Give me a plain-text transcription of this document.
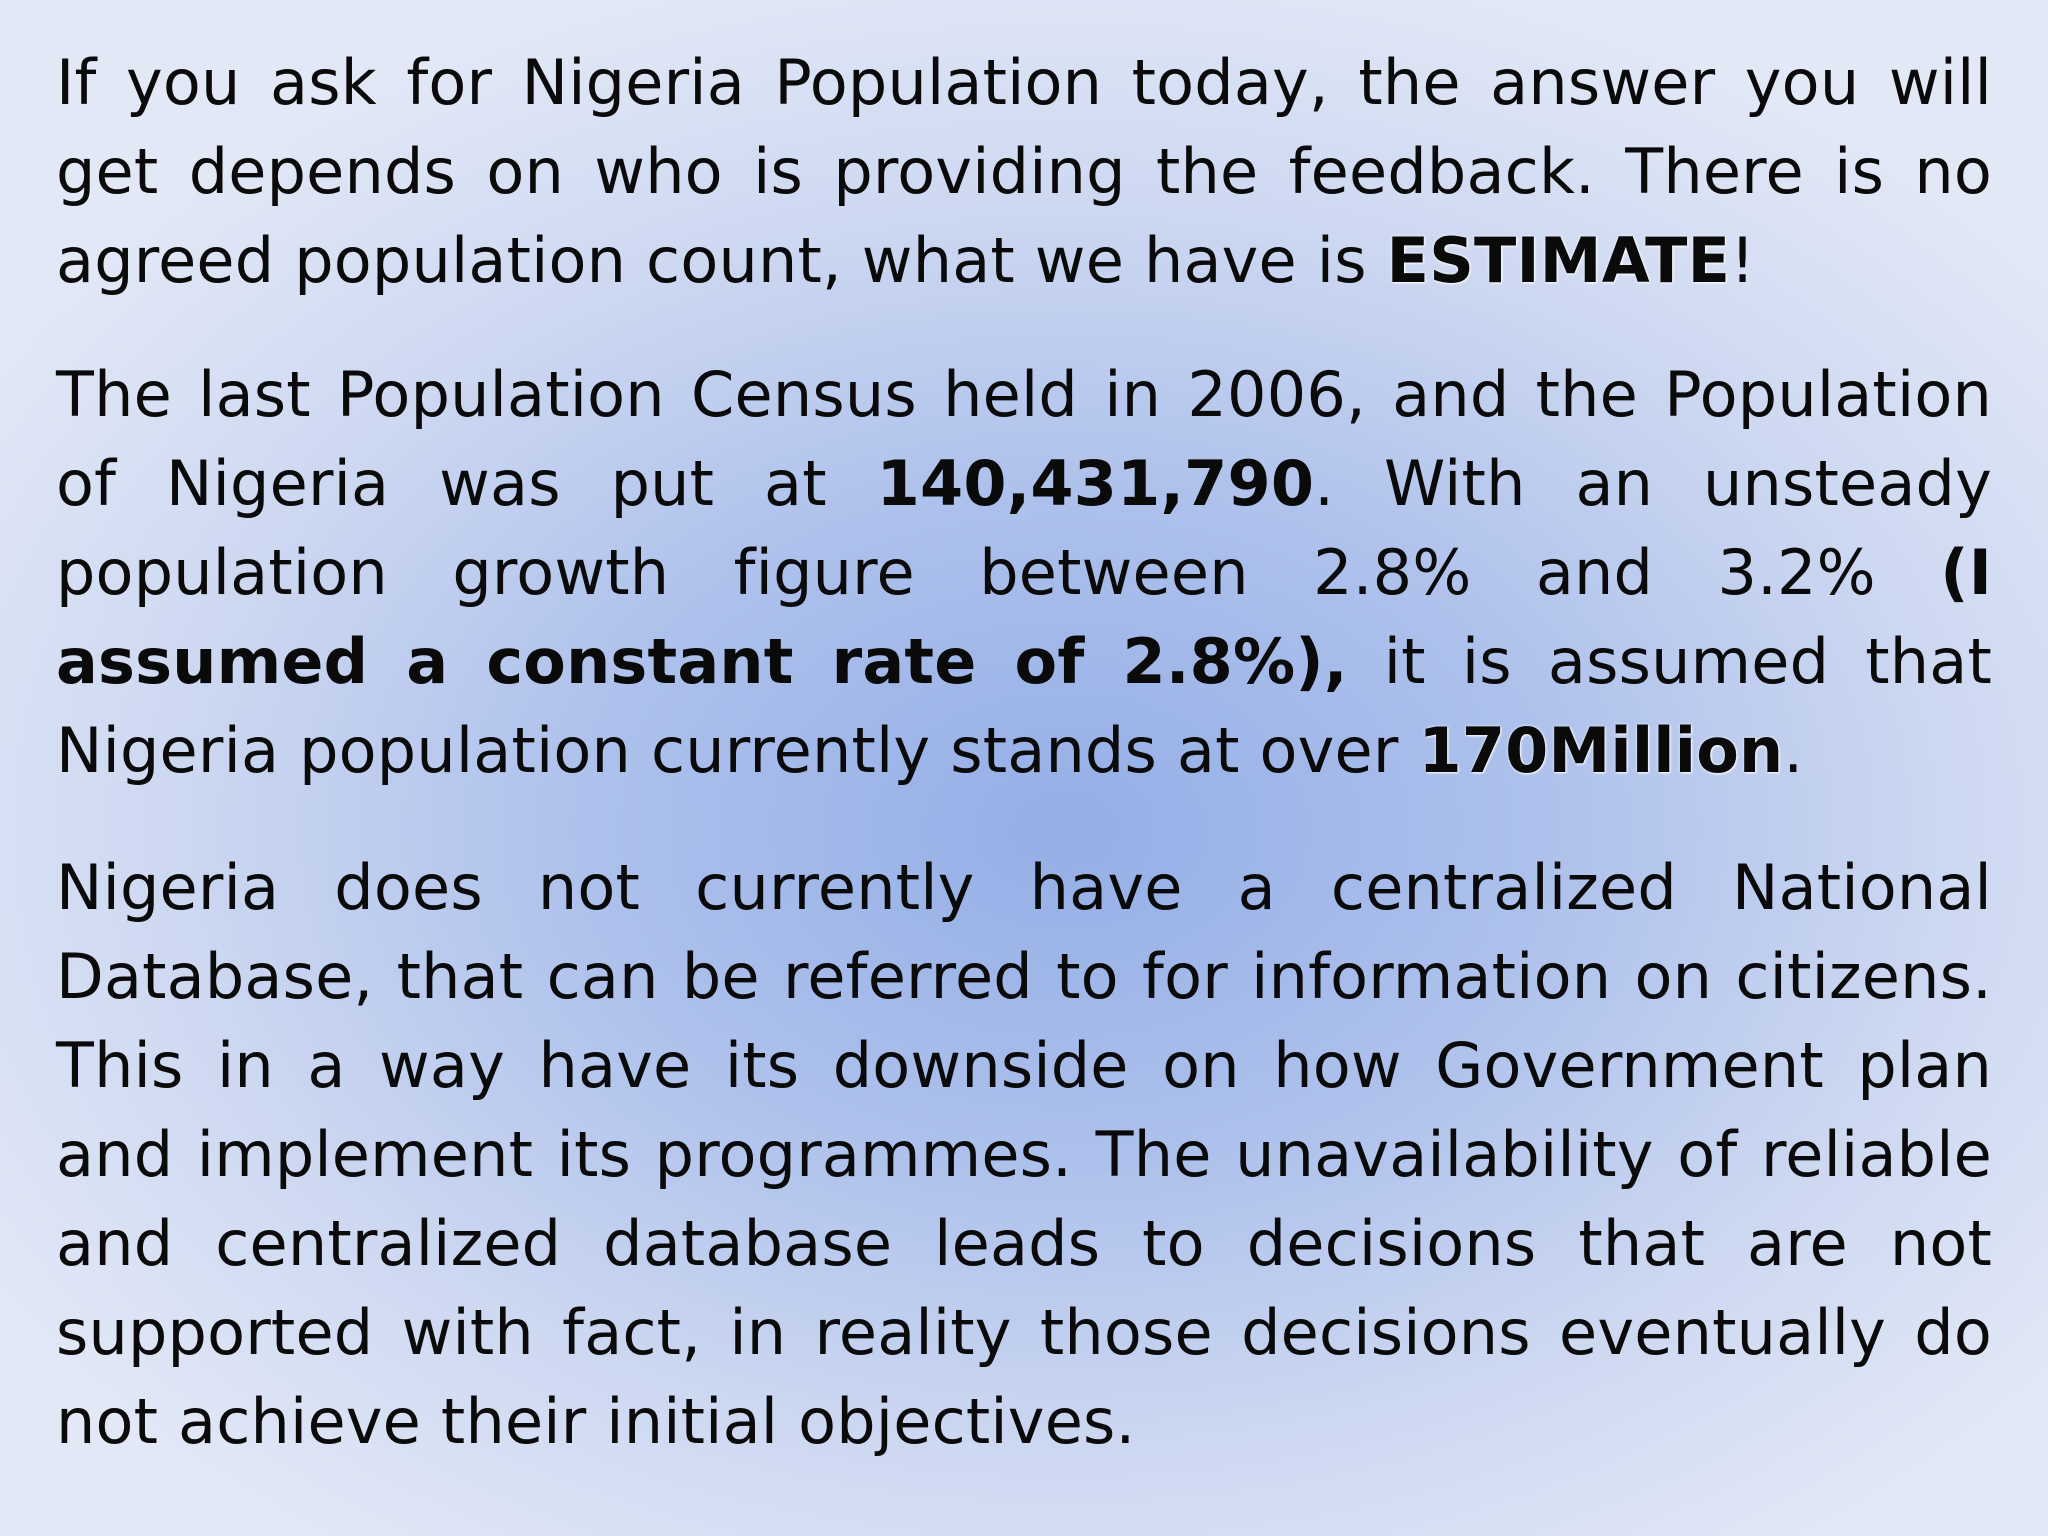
If you ask for Nigeria Population today, the answer you will get depends on who is providing the feedback. There is no agreed population count, what we have is ESTIMATE!

The last Population Census held in 2006, and the Population of Nigeria was put at 140,431,790. With an unsteady population growth figure between 2.8% and 3.2% (I assumed a constant rate of 2.8%), it is assumed that Nigeria population currently stands at over 170Million.

Nigeria does not currently have a centralized National Database, that can be referred to for information on citizens. This in a way have its downside on how Government plan and implement its programmes. The unavailability of reliable and centralized database leads to decisions that are not supported with fact, in reality those decisions eventually do not achieve their initial objectives.
